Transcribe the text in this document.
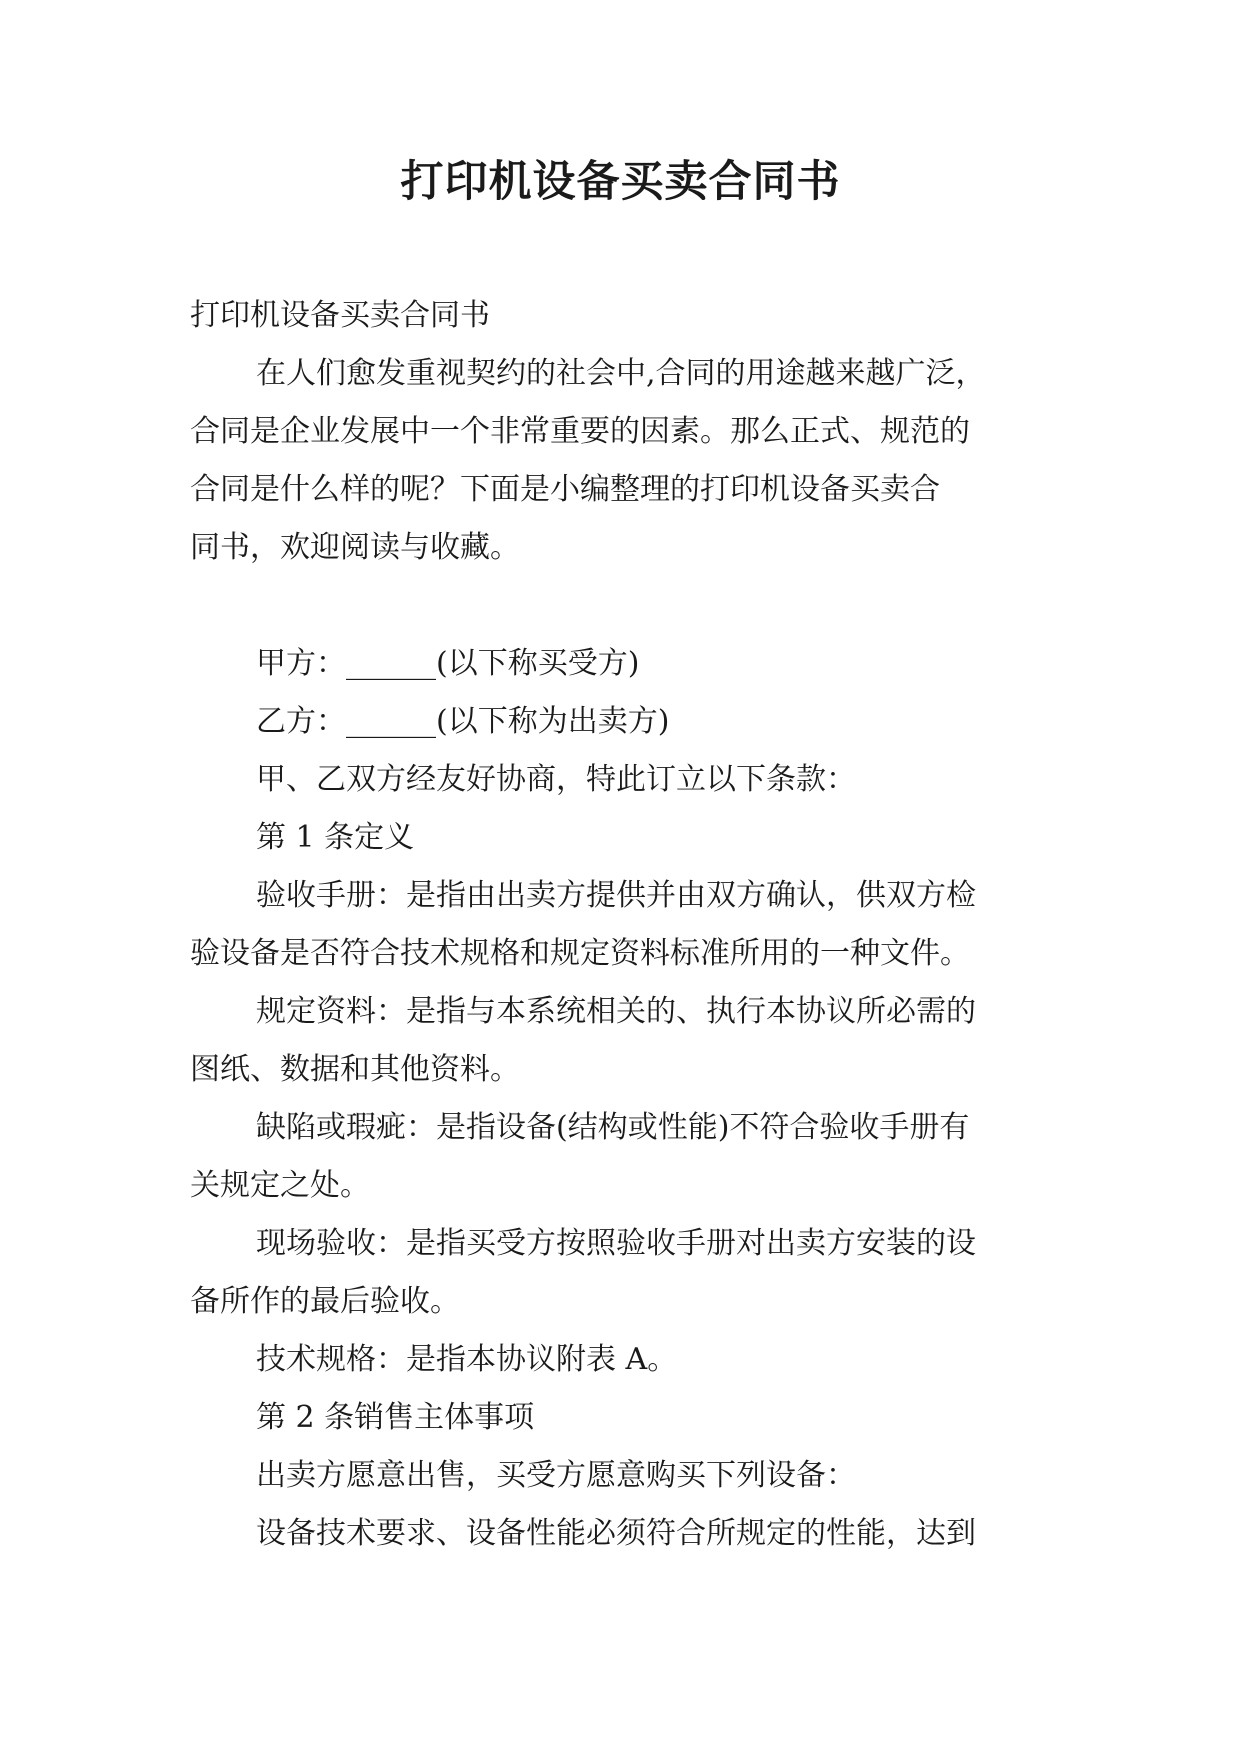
打印机设备买卖合同书
打印机设备买卖合同书
在人们愈发重视契约的社会中,合同的用途越来越广泛，
合同是企业发展中一个非常重要的因素。那么正式、规范的
合同是什么样的呢？下面是小编整理的打印机设备买卖合
同书，欢迎阅读与收藏。
甲方：______(以下称买受方)
乙方：______(以下称为出卖方)
甲、乙双方经友好协商，特此订立以下条款：
第 1 条定义
验收手册：是指由出卖方提供并由双方确认，供双方检
验设备是否符合技术规格和规定资料标准所用的一种文件。
规定资料：是指与本系统相关的、执行本协议所必需的
图纸、数据和其他资料。
缺陷或瑕疵：是指设备(结构或性能)不符合验收手册有
关规定之处。
现场验收：是指买受方按照验收手册对出卖方安装的设
备所作的最后验收。
技术规格：是指本协议附表 A。
第 2 条销售主体事项
出卖方愿意出售，买受方愿意购买下列设备：
设备技术要求、设备性能必须符合所规定的性能，达到
